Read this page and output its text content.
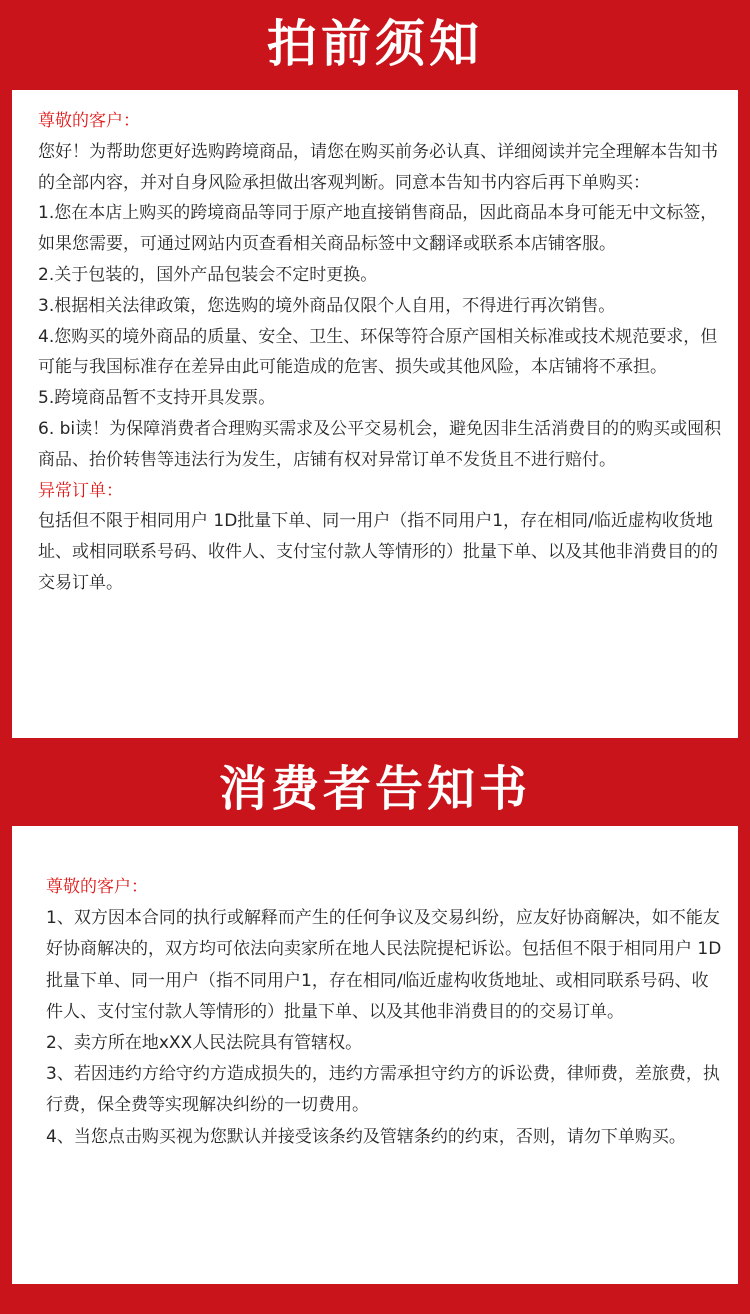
拍前须知

尊敬的客户：

您好！为帮助您更好选购跨境商品，请您在购买前务必认真、详细阅读并完全理解本告知书的全部内容，并对自身风险承担做出客观判断。同意本告知书内容后再下单购买：

1.您在本店上购买的跨境商品等同于原产地直接销售商品，因此商品本身可能无中文标签，如果您需要，可通过网站内页查看相关商品标签中文翻译或联系本店铺客服。

2.关于包装的，国外产品包装会不定时更换。

3.根据相关法律政策，您选购的境外商品仅限个人自用，不得进行再次销售。

4.您购买的境外商品的质量、安全、卫生、环保等符合原产国相关标准或技术规范要求，但可能与我国标准存在差异由此可能造成的危害、损失或其他风险，本店铺将不承担。

5.跨境商品暂不支持开具发票。

6. bi读！为保障消费者合理购买需求及公平交易机会，避免因非生活消费目的的购买或囤积商品、抬价转售等违法行为发生，店铺有权对异常订单不发货且不进行赔付。

异常订单：

包括但不限于相同用户 1D批量下单、同一用户（指不同用户1，存在相同/临近虚构收货地址、或相同联系号码、收件人、支付宝付款人等情形的）批量下单、以及其他非消费目的的交易订单。

消费者告知书

尊敬的客户：

1、双方因本合同的执行或解释而产生的任何争议及交易纠纷，应友好协商解决，如不能友好协商解决的，双方均可依法向卖家所在地人民法院提杞诉讼。包括但不限于相同用户 1D批量下单、同一用户（指不同用户1，存在相同/临近虚构收货地址、或相同联系号码、收件人、支付宝付款人等情形的）批量下单、以及其他非消费目的的交易订单。

2、卖方所在地xXX人民法院具有管辖权。

3、若因违约方给守约方造成损失的，违约方需承担守约方的诉讼费，律师费，差旅费，执行费，保全费等实现解决纠纷的一切费用。

4、当您点击购买视为您默认并接受该条约及管辖条约的约束，否则，请勿下单购买。
